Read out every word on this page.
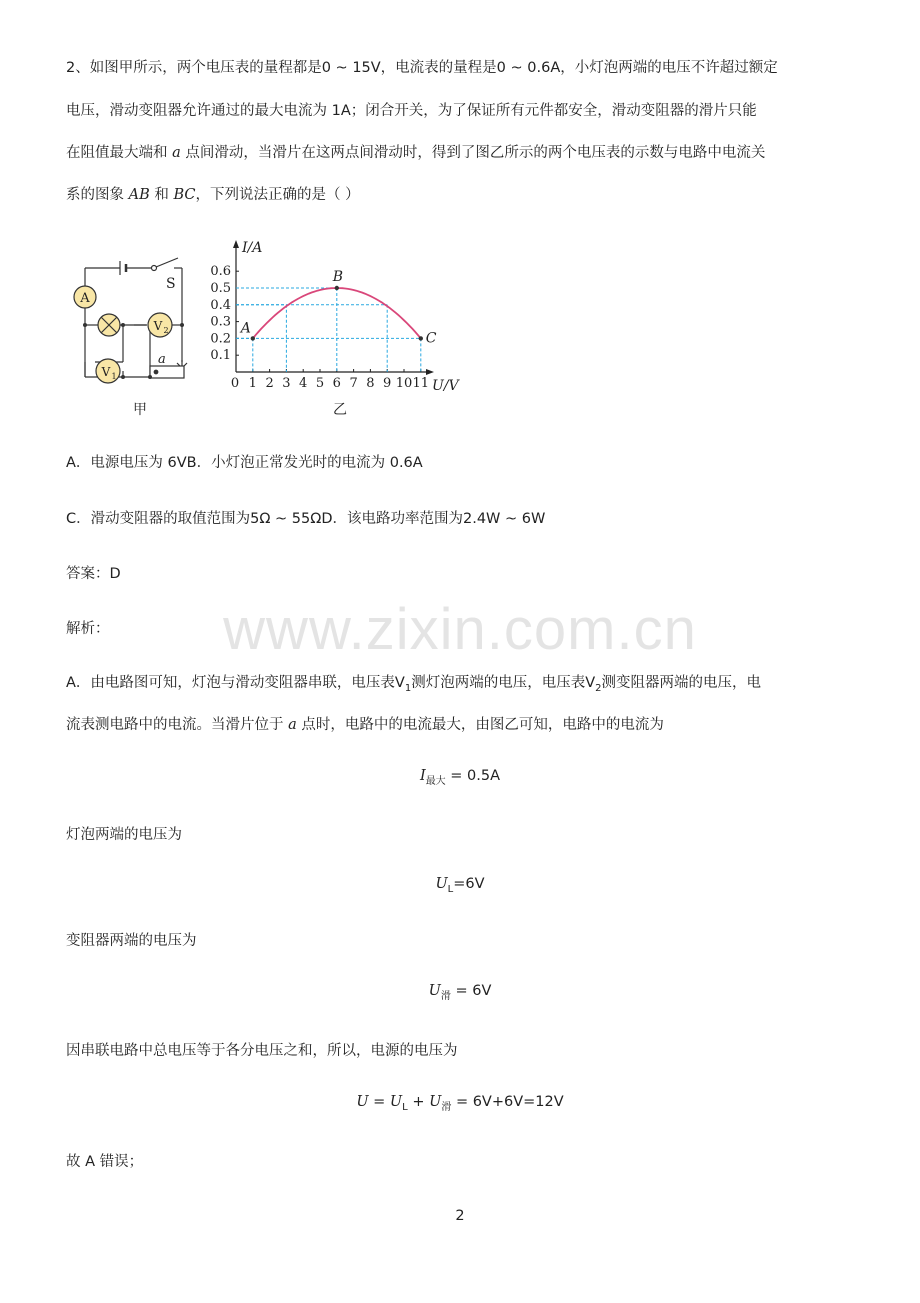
2、如图甲所示，两个电压表的量程都是0 ~ 15V，电流表的量程是0 ~ 0.6A，小灯泡两端的电压不许超过额定
电压，滑动变阻器允许通过的最大电流为 1A；闭合开关，为了保证所有元件都安全，滑动变阻器的滑片只能
在阻值最大端和 a 点间滑动，当滑片在这两点间滑动时，得到了图乙所示的两个电压表的示数与电路中电流关
系的图象 AB 和 BC，下列说法正确的是（ ）
A
V 2
V 1
S
a
甲
I/A
U/V
0 1 2 3 4 5 6 7 8 9 10 11
0.1
0.2
0.3
0.4
0.5
0.6
A
B
C
乙
A．电源电压为 6VB．小灯泡正常发光时的电流为 0.6A
C．滑动变阻器的取值范围为5Ω ~ 55ΩD．该电路功率范围为2.4W ~ 6W
答案：D
解析：	www.zixin.com.cn
A．由电路图可知，灯泡与滑动变阻器串联，电压表$V_1$测灯泡两端的电压，电压表$V_2$测变阻器两端的电压，电
流表测电路中的电流。当滑片位于 a 点时，电路中的电流最大，由图乙可知，电路中的电流为
$I_{最大} = 0.5A$
灯泡两端的电压为
$U_L=6V$
变阻器两端的电压为
$U_滑 = 6V$
因串联电路中总电压等于各分电压之和，所以，电源的电压为
$U = U_L + U_滑 = 6V+6V=12V$
故 A 错误；
2
